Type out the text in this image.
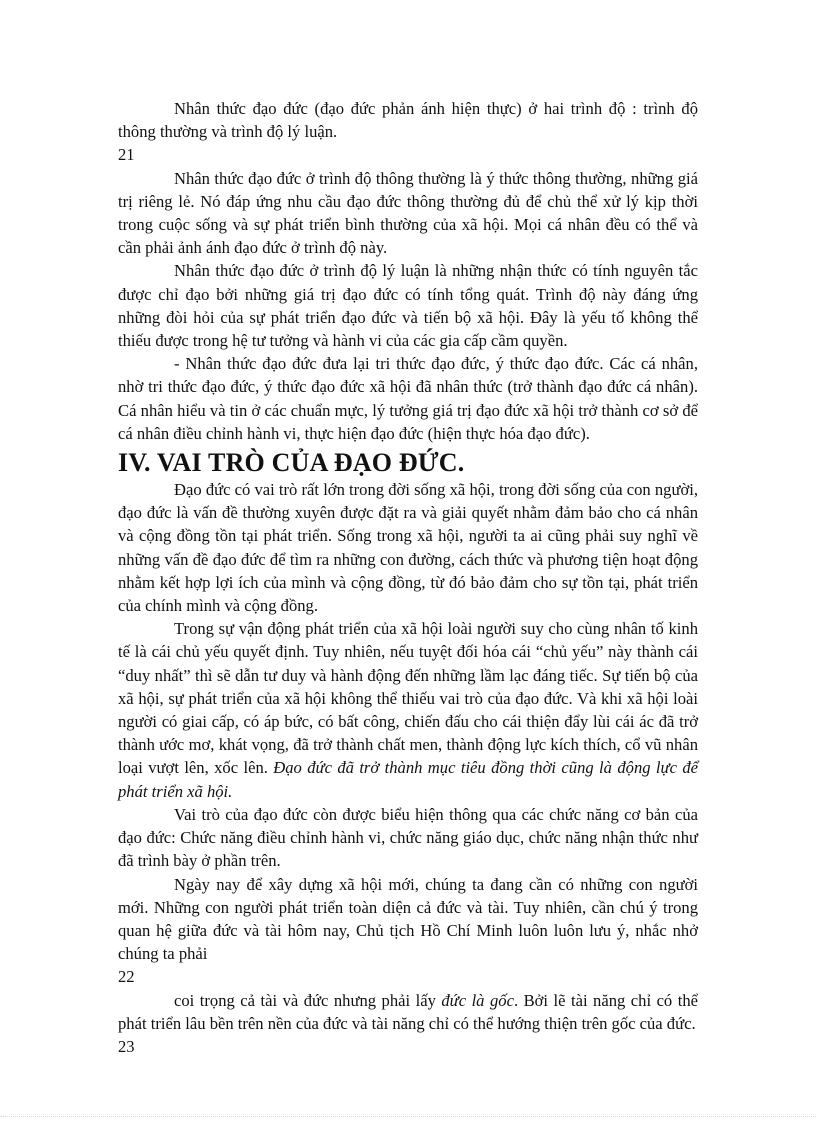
Nhân thức đạo đức (đạo đức phản ánh hiện thực) ở hai trình độ : trình độ thông thường và trình độ lý luận.

21

Nhân thức đạo đức ở trình độ thông thường là ý thức thông thường, những giá trị riêng lẻ. Nó đáp ứng nhu cầu đạo đức thông thường đủ để chủ thể xử lý kịp thời trong cuộc sống và sự phát triển bình thường của xã hội. Mọi cá nhân đều có thể và cần phải ảnh ánh đạo đức ở trình độ này.

Nhân thức đạo đức ở trình độ lý luận là những nhận thức có tính nguyên tắc được chỉ đạo bởi những giá trị đạo đức có tính tổng quát. Trình độ này đáng ứng những đòi hỏi của sự phát triển đạo đức và tiến bộ xã hội. Đây là yếu tố không thể thiếu được trong hệ tư tưởng và hành vi của các gia cấp cầm quyền.

- Nhân thức đạo đức đưa lại tri thức đạo đức, ý thức đạo đức. Các cá nhân, nhờ tri thức đạo đức, ý thức đạo đức xã hội đã nhân thức (trở thành đạo đức cá nhân). Cá nhân hiểu và tin ở các chuẩn mực, lý tưởng giá trị đạo đức xã hội trở thành cơ sở để cá nhân điều chỉnh hành vi, thực hiện đạo đức (hiện thực hóa đạo đức).

IV. VAI TRÒ CỦA ĐẠO ĐỨC.

Đạo đức có vai trò rất lớn trong đời sống xã hội, trong đời sống của con người, đạo đức là vấn đề thường xuyên được đặt ra và giải quyết nhằm đảm bảo cho cá nhân và cộng đồng tồn tại phát triển. Sống trong xã hội, người ta ai cũng phải suy nghĩ về những vấn đề đạo đức để tìm ra những con đường, cách thức và phương tiện hoạt động nhằm kết hợp lợi ích của mình và cộng đồng, từ đó bảo đảm cho sự tồn tại, phát triển của chính mình và cộng đồng.

Trong sự vận động phát triển của xã hội loài người suy cho cùng nhân tố kinh tế là cái chủ yếu quyết định. Tuy nhiên, nếu tuyệt đối hóa cái “chủ yếu” này thành cái “duy nhất” thì sẽ dẫn tư duy và hành động đến những lầm lạc đáng tiếc. Sự tiến bộ của xã hội, sự phát triển của xã hội không thể thiếu vai trò của đạo đức. Và khi xã hội loài người có giai cấp, có áp bức, có bất công, chiến đấu cho cái thiện đẩy lùi cái ác đã trở thành ước mơ, khát vọng, đã trở thành chất men, thành động lực kích thích, cổ vũ nhân loại vượt lên, xốc lên. Đạo đức đã trở thành mục tiêu đồng thời cũng là động lực để phát triển xã hội.

Vai trò của đạo đức còn được biểu hiện thông qua các chức năng cơ bản của đạo đức: Chức năng điều chỉnh hành vi, chức năng giáo dục, chức năng nhận thức như đã trình bày ở phần trên.

Ngày nay để xây dựng xã hội mới, chúng ta đang cần có những con người mới. Những con người phát triển toàn diện cả đức và tài. Tuy nhiên, cần chú ý trong quan hệ giữa đức và tài hôm nay, Chủ tịch Hồ Chí Minh luôn luôn lưu ý, nhắc nhở chúng ta phải

22

coi trọng cả tài và đức nhưng phải lấy đức là gốc. Bởi lẽ tài năng chỉ có thể phát triển lâu bền trên nền của đức và tài năng chỉ có thể hướng thiện trên gốc của đức.

23
